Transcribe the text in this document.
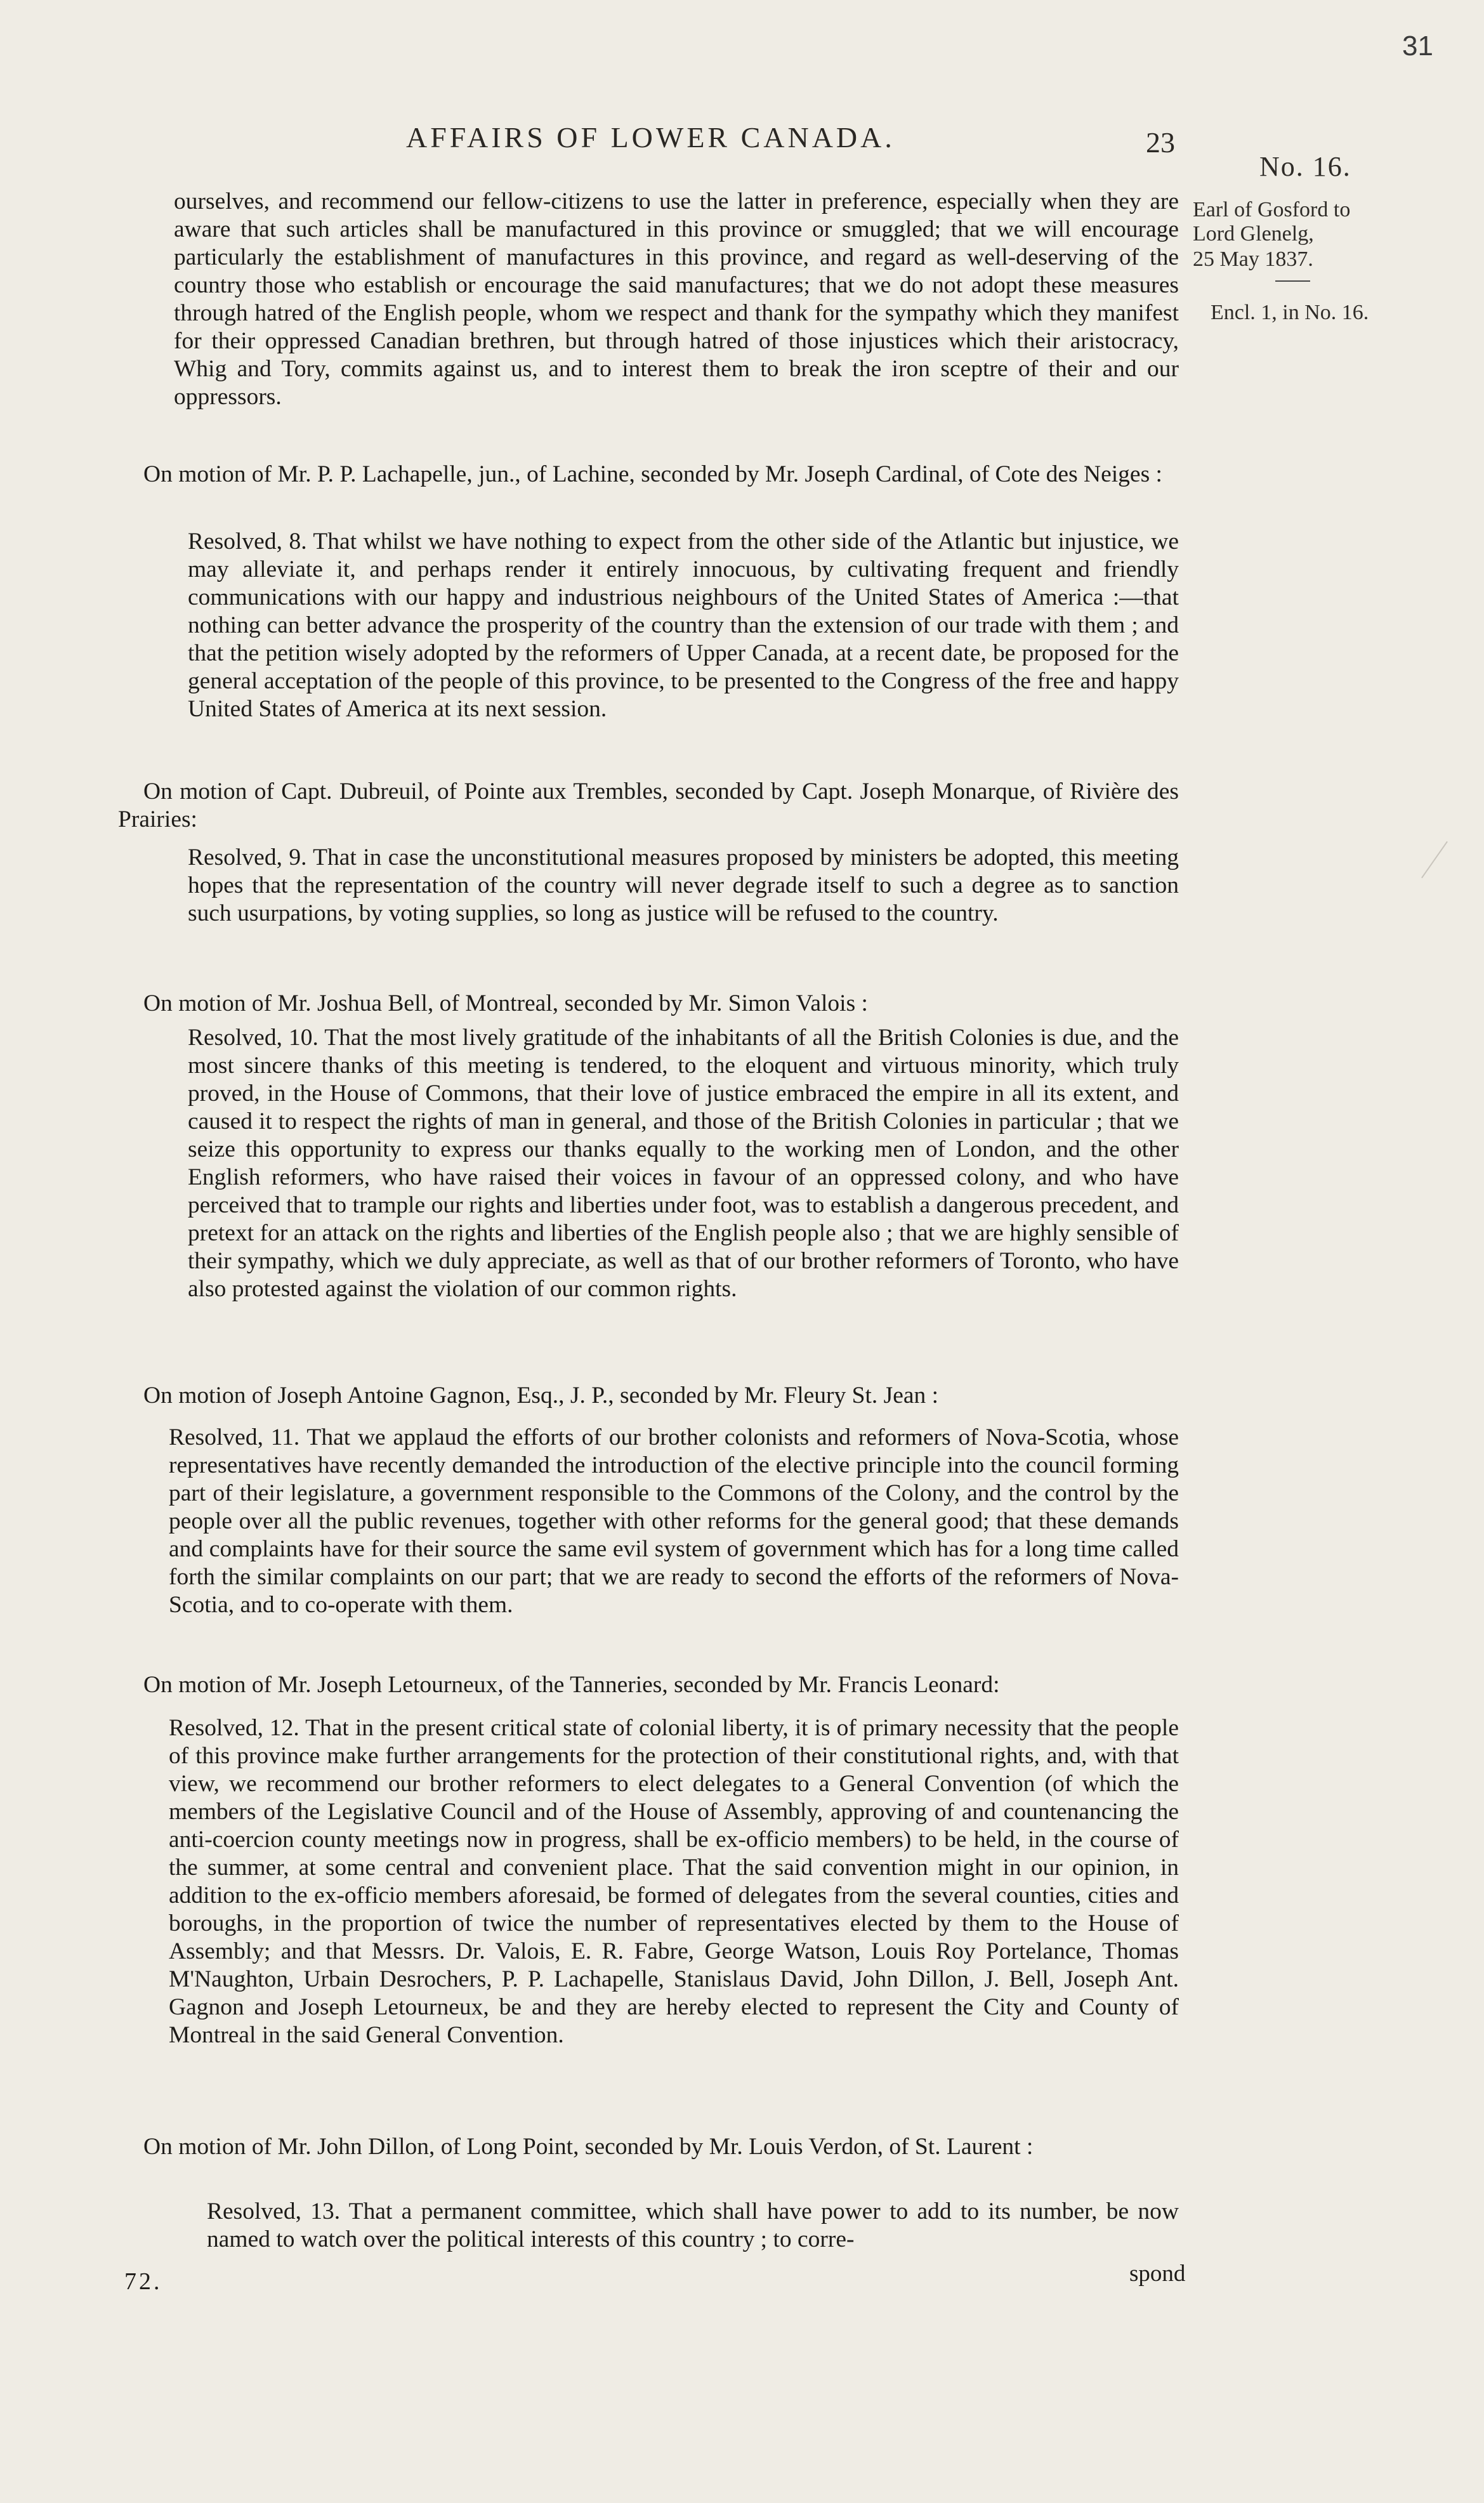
31
AFFAIRS OF LOWER CANADA.	23
No. 16.
Earl of Gosford to
Lord Glenelg,
25 May 1837.
Encl. 1, in No. 16.

ourselves, and recommend our fellow-citizens to use the latter in preference, especially when they are aware that such articles shall be manufactured in this province or smuggled; that we will encourage particularly the establishment of manufactures in this province, and regard as well-deserving of the country those who establish or encourage the said manufactures; that we do not adopt these measures through hatred of the English people, whom we respect and thank for the sympathy which they manifest for their oppressed Canadian brethren, but through hatred of those injustices which their aristocracy, Whig and Tory, commits against us, and to interest them to break the iron sceptre of their and our oppressors.

On motion of Mr. P. P. Lachapelle, jun., of Lachine, seconded by Mr. Joseph Cardinal, of Cote des Neiges :

Resolved, 8. That whilst we have nothing to expect from the other side of the Atlantic but injustice, we may alleviate it, and perhaps render it entirely innocuous, by cultivating frequent and friendly communications with our happy and industrious neighbours of the United States of America :—that nothing can better advance the prosperity of the country than the extension of our trade with them ; and that the petition wisely adopted by the reformers of Upper Canada, at a recent date, be proposed for the general acceptation of the people of this province, to be presented to the Congress of the free and happy United States of America at its next session.

On motion of Capt. Dubreuil, of Pointe aux Trembles, seconded by Capt. Joseph Monarque, of Rivière des Prairies:

Resolved, 9. That in case the unconstitutional measures proposed by ministers be adopted, this meeting hopes that the representation of the country will never degrade itself to such a degree as to sanction such usurpations, by voting supplies, so long as justice will be refused to the country.

On motion of Mr. Joshua Bell, of Montreal, seconded by Mr. Simon Valois :

Resolved, 10. That the most lively gratitude of the inhabitants of all the British Colonies is due, and the most sincere thanks of this meeting is tendered, to the eloquent and virtuous minority, which truly proved, in the House of Commons, that their love of justice embraced the empire in all its extent, and caused it to respect the rights of man in general, and those of the British Colonies in particular ; that we seize this opportunity to express our thanks equally to the working men of London, and the other English reformers, who have raised their voices in favour of an oppressed colony, and who have perceived that to trample our rights and liberties under foot, was to establish a dangerous precedent, and pretext for an attack on the rights and liberties of the English people also ; that we are highly sensible of their sympathy, which we duly appreciate, as well as that of our brother reformers of Toronto, who have also protested against the violation of our common rights.

On motion of Joseph Antoine Gagnon, Esq., J. P., seconded by Mr. Fleury St. Jean :

Resolved, 11. That we applaud the efforts of our brother colonists and reformers of Nova-Scotia, whose representatives have recently demanded the introduction of the elective principle into the council forming part of their legislature, a government responsible to the Commons of the Colony, and the control by the people over all the public revenues, together with other reforms for the general good; that these demands and complaints have for their source the same evil system of government which has for a long time called forth the similar complaints on our part; that we are ready to second the efforts of the reformers of Nova-Scotia, and to co-operate with them.

On motion of Mr. Joseph Letourneux, of the Tanneries, seconded by Mr. Francis Leonard:

Resolved, 12. That in the present critical state of colonial liberty, it is of primary necessity that the people of this province make further arrangements for the protection of their constitutional rights, and, with that view, we recommend our brother reformers to elect delegates to a General Convention (of which the members of the Legislative Council and of the House of Assembly, approving of and countenancing the anti-coercion county meetings now in progress, shall be ex-officio members) to be held, in the course of the summer, at some central and convenient place. That the said convention might in our opinion, in addition to the ex-officio members aforesaid, be formed of delegates from the several counties, cities and boroughs, in the proportion of twice the number of representatives elected by them to the House of Assembly; and that Messrs. Dr. Valois, E. R. Fabre, George Watson, Louis Roy Portelance, Thomas M'Naughton, Urbain Desrochers, P. P. Lachapelle, Stanislaus David, John Dillon, J. Bell, Joseph Ant. Gagnon and Joseph Letourneux, be and they are hereby elected to represent the City and County of Montreal in the said General Convention.

On motion of Mr. John Dillon, of Long Point, seconded by Mr. Louis Verdon, of St. Laurent :

Resolved, 13. That a permanent committee, which shall have power to add to its number, be now named to watch over the political interests of this country ; to corre-

72.	spond
